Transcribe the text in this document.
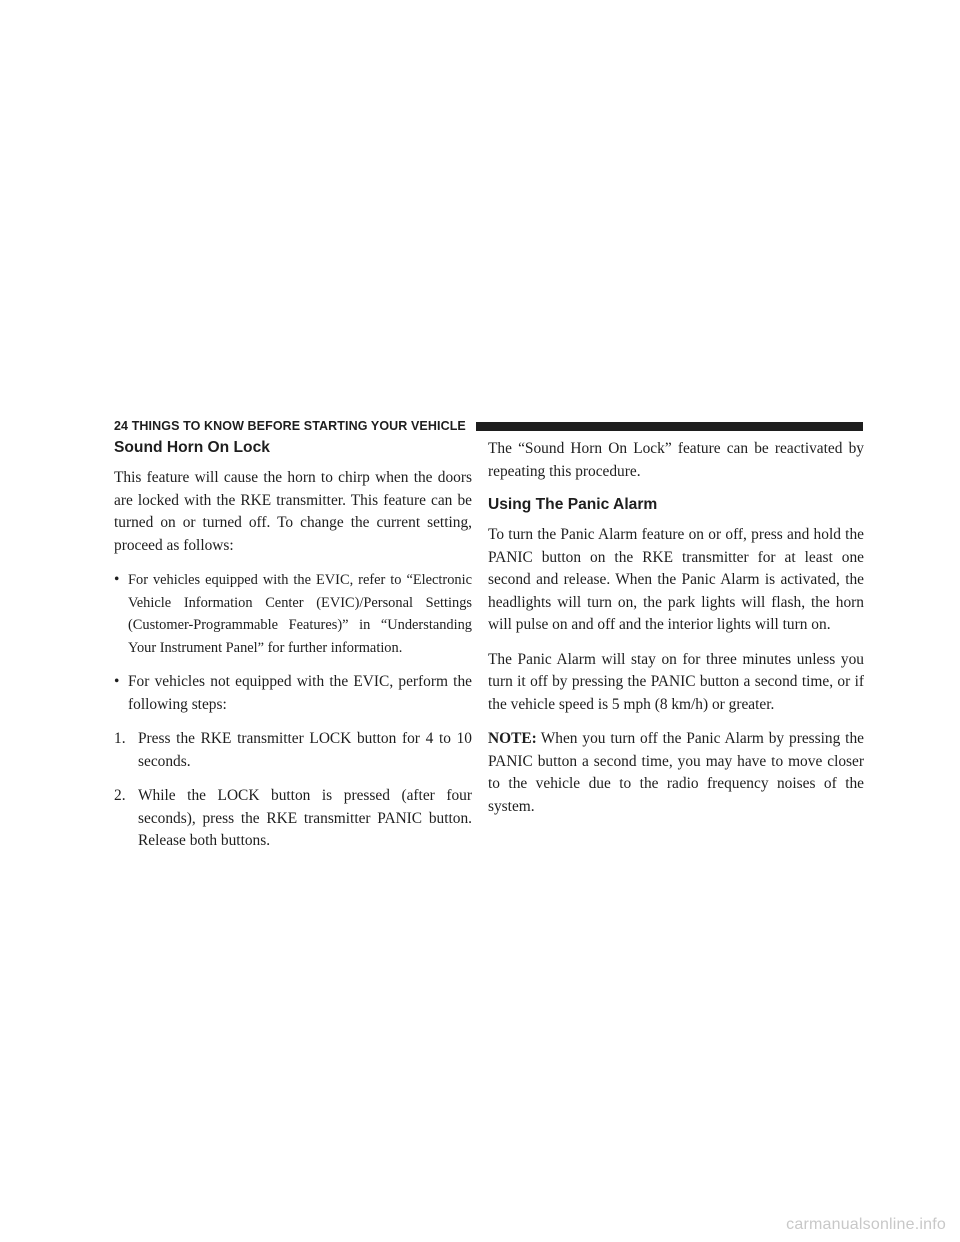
24 THINGS TO KNOW BEFORE STARTING YOUR VEHICLE
Sound Horn On Lock

This feature will cause the horn to chirp when the doors are locked with the RKE transmitter. This feature can be turned on or turned off. To change the current setting, proceed as follows:

• For vehicles equipped with the EVIC, refer to “Electronic Vehicle Information Center (EVIC)/Personal Settings (Customer-Programmable Features)” in “Understanding Your Instrument Panel” for further information.
• For vehicles not equipped with the EVIC, perform the following steps:
1. Press the RKE transmitter LOCK button for 4 to 10 seconds.
2. While the LOCK button is pressed (after four seconds), press the RKE transmitter PANIC button. Release both buttons.

The “Sound Horn On Lock” feature can be reactivated by repeating this procedure.

Using The Panic Alarm

To turn the Panic Alarm feature on or off, press and hold the PANIC button on the RKE transmitter for at least one second and release. When the Panic Alarm is activated, the headlights will turn on, the park lights will flash, the horn will pulse on and off and the interior lights will turn on.

The Panic Alarm will stay on for three minutes unless you turn it off by pressing the PANIC button a second time, or if the vehicle speed is 5 mph (8 km/h) or greater.

NOTE: When you turn off the Panic Alarm by pressing the PANIC button a second time, you may have to move closer to the vehicle due to the radio frequency noises of the system.

carmanualsonline.info
